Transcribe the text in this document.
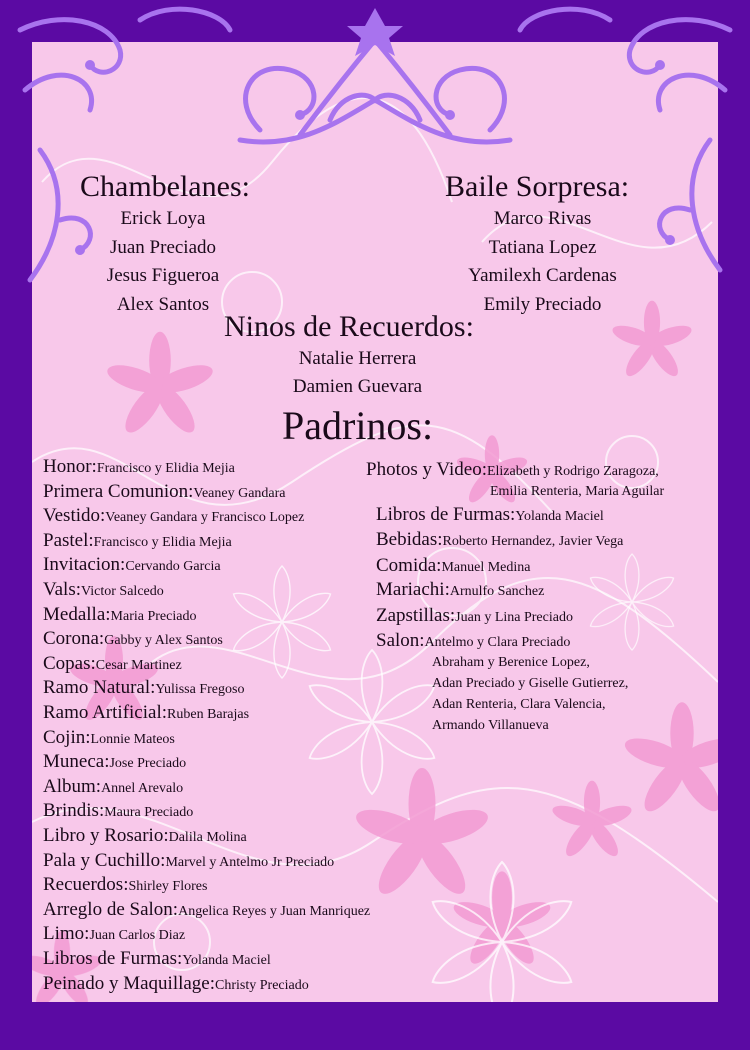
Chambelanes:
Erick Loya
Juan Preciado
Jesus Figueroa
Alex Santos
Baile Sorpresa:
Marco Rivas
Tatiana Lopez
Yamilexh Cardenas
Emily Preciado
Ninos de Recuerdos:
Natalie Herrera
Damien Guevara
Padrinos:
Honor:Francisco y Elidia Mejia
Primera Comunion:Veaney Gandara
Vestido:Veaney Gandara y Francisco Lopez
Pastel:Francisco y Elidia Mejia
Invitacion:Cervando Garcia
Vals:Victor Salcedo
Medalla:Maria Preciado
Corona:Gabby y Alex Santos
Copas:Cesar Martinez
Ramo Natural:Yulissa Fregoso
Ramo Artificial:Ruben Barajas
Cojin:Lonnie Mateos
Muneca:Jose Preciado
Album:Annel Arevalo
Brindis:Maura Preciado
Libro y Rosario:Dalila Molina
Pala y Cuchillo:Marvel y Antelmo Jr Preciado
Recuerdos:Shirley Flores
Arreglo de Salon:Angelica Reyes y Juan Manriquez
Limo:Juan Carlos Diaz
Libros de Furmas:Yolanda Maciel
Peinado y Maquillage:Christy Preciado
Photos y Video:Elizabeth y Rodrigo Zaragoza,
Emilia Renteria, Maria Aguilar
Libros de Furmas:Yolanda Maciel
Bebidas:Roberto Hernandez, Javier Vega
Comida:Manuel Medina
Mariachi:Arnulfo Sanchez
Zapstillas:Juan y Lina Preciado
Salon:Antelmo y Clara Preciado
Abraham y Berenice Lopez,
Adan Preciado y Giselle Gutierrez,
Adan Renteria, Clara Valencia,
Armando Villanueva
